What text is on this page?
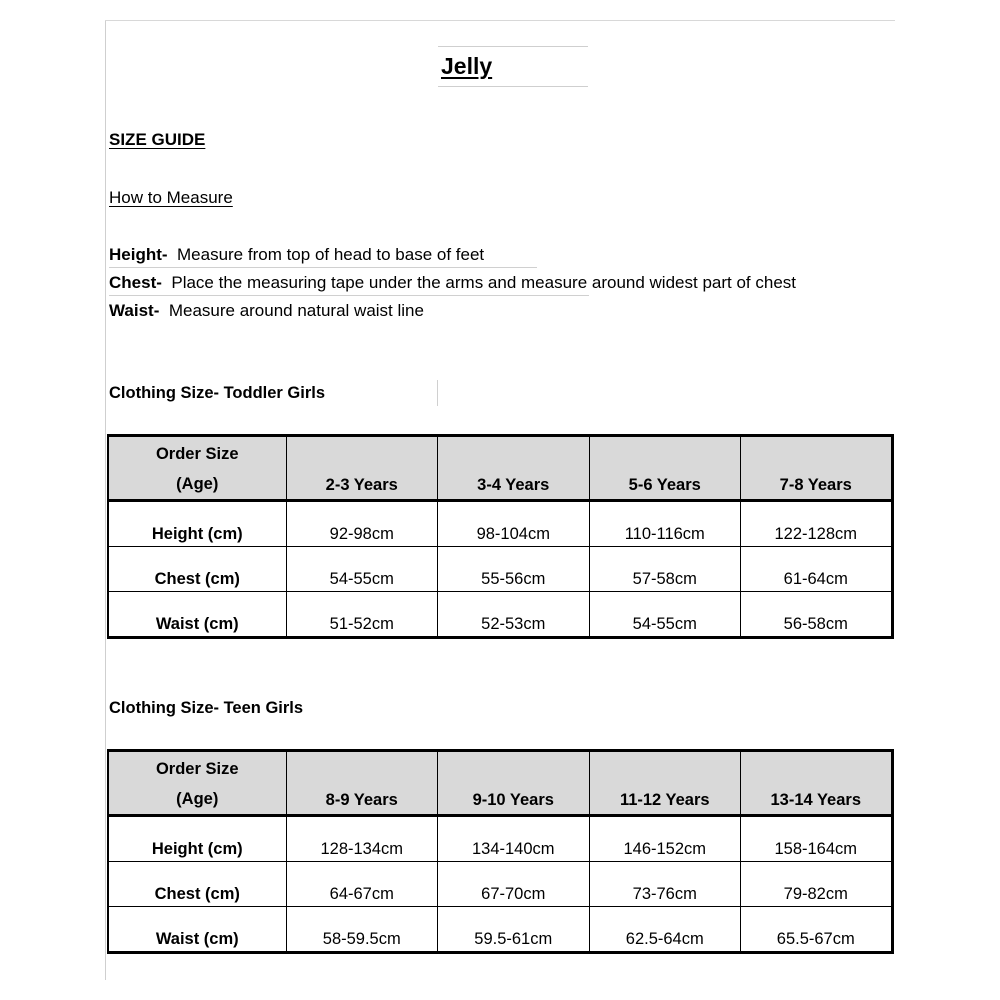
Jelly
SIZE GUIDE
How to Measure
Height- Measure from top of head to base of feet
Chest- Place the measuring tape under the arms and measure around widest part of chest
Waist- Measure around natural waist line
Clothing Size- Toddler Girls
Order Size
(Age)	2-3 Years	3-4 Years	5-6 Years	7-8 Years
Height (cm)	92-98cm	98-104cm	110-116cm	122-128cm
Chest (cm)	54-55cm	55-56cm	57-58cm	61-64cm
Waist (cm)	51-52cm	52-53cm	54-55cm	56-58cm
Clothing Size- Teen Girls
Order Size
(Age)	8-9 Years	9-10 Years	11-12 Years	13-14 Years
Height (cm)	128-134cm	134-140cm	146-152cm	158-164cm
Chest (cm)	64-67cm	67-70cm	73-76cm	79-82cm
Waist (cm)	58-59.5cm	59.5-61cm	62.5-64cm	65.5-67cm
